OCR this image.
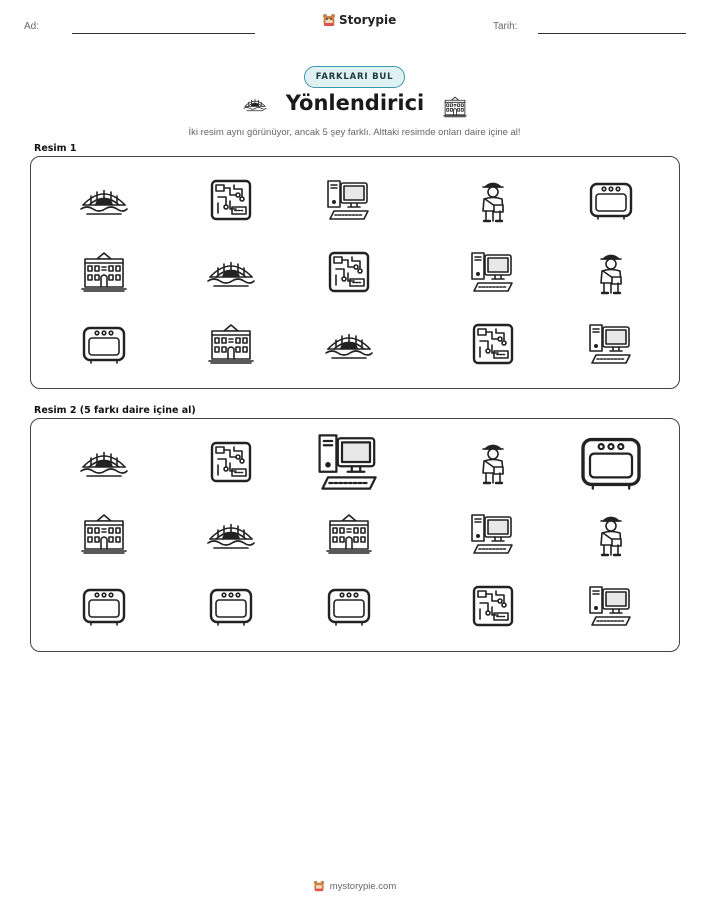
Ad:	Storypie	Tarih:
FARKLARI BUL
Yönlendirici
İki resim aynı görünüyor, ancak 5 şey farklı. Alttaki resimde onları daire içine al!
Resim 1
Resim 2 (5 farkı daire içine al)
mystorypie.com
